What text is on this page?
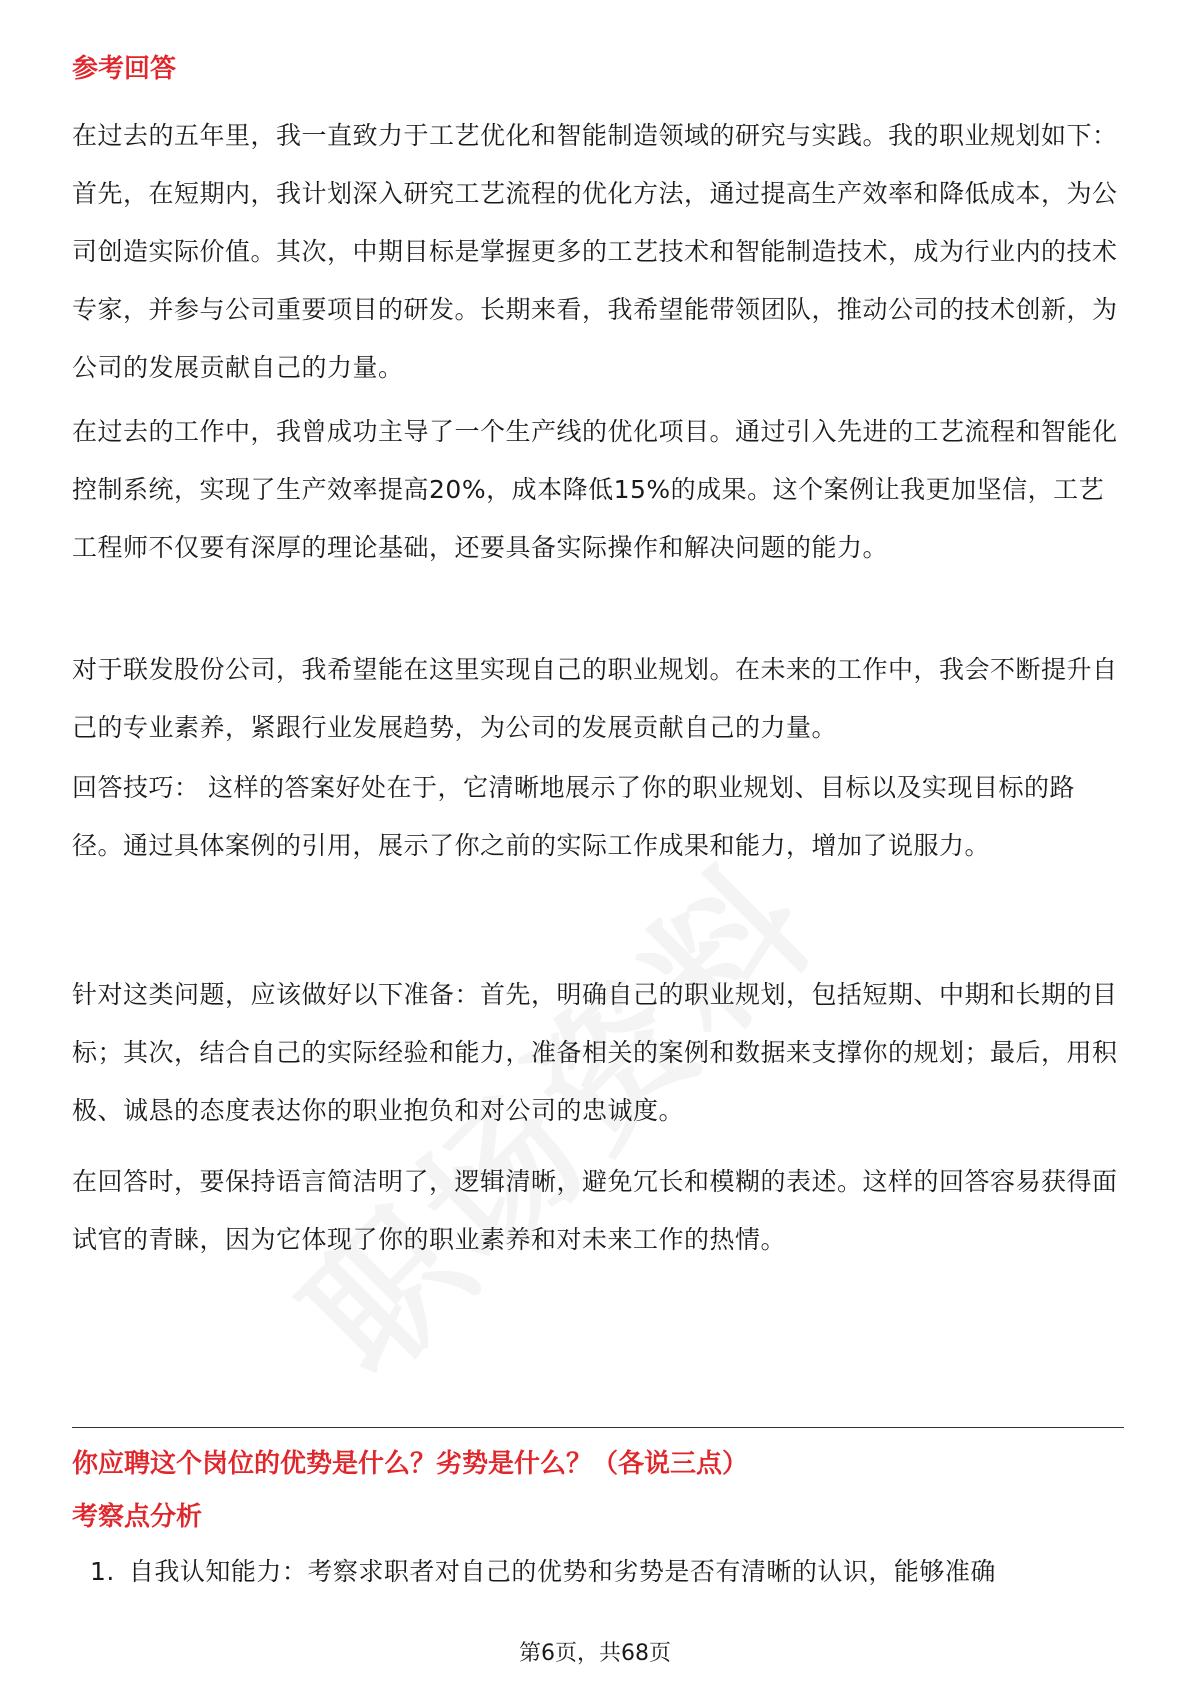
参考回答

在过去的五年里，我一直致力于工艺优化和智能制造领域的研究与实践。我的职业规划如下：首先，在短期内，我计划深入研究工艺流程的优化方法，通过提高生产效率和降低成本，为公司创造实际价值。其次，中期目标是掌握更多的工艺技术和智能制造技术，成为行业内的技术专家，并参与公司重要项目的研发。长期来看，我希望能带领团队，推动公司的技术创新，为公司的发展贡献自己的力量。

在过去的工作中，我曾成功主导了一个生产线的优化项目。通过引入先进的工艺流程和智能化控制系统，实现了生产效率提高20%，成本降低15%的成果。这个案例让我更加坚信，工艺工程师不仅要有深厚的理论基础，还要具备实际操作和解决问题的能力。

对于联发股份公司，我希望能在这里实现自己的职业规划。在未来的工作中，我会不断提升自己的专业素养，紧跟行业发展趋势，为公司的发展贡献自己的力量。

回答技巧： 这样的答案好处在于，它清晰地展示了你的职业规划、目标以及实现目标的路径。通过具体案例的引用，展示了你之前的实际工作成果和能力，增加了说服力。

针对这类问题，应该做好以下准备：首先，明确自己的职业规划，包括短期、中期和长期的目标；其次，结合自己的实际经验和能力，准备相关的案例和数据来支撑你的规划；最后，用积极、诚恳的态度表达你的职业抱负和对公司的忠诚度。

在回答时，要保持语言简洁明了，逻辑清晰，避免冗长和模糊的表述。这样的回答容易获得面试官的青睐，因为它体现了你的职业素养和对未来工作的热情。

你应聘这个岗位的优势是什么？劣势是什么？（各说三点）
考察点分析
1. 自我认知能力：考察求职者对自己的优势和劣势是否有清晰的认识，能够准确
第6页，共68页
